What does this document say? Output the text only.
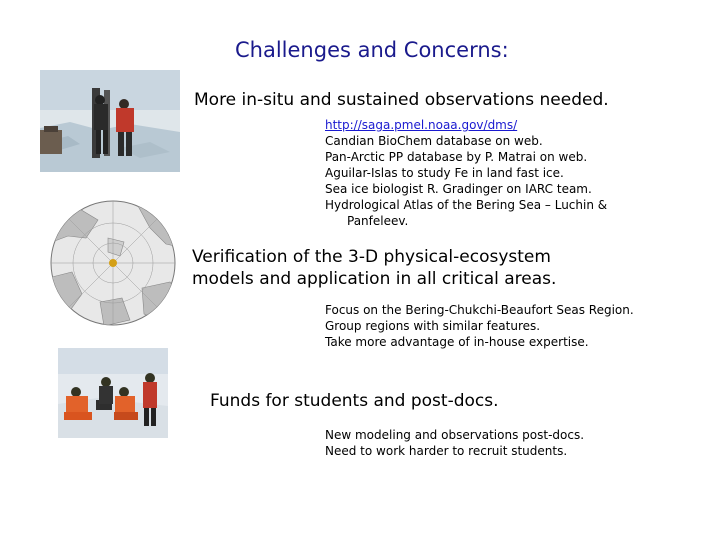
Challenges and Concerns:
More in-situ and sustained observations needed.
http://saga.pmel.noaa.gov/dms/
Candian BioChem database on web.
Pan-Arctic PP database by P. Matrai on web.
Aguilar-Islas to study Fe in land fast ice.
Sea ice biologist R. Gradinger on IARC team.
Hydrological Atlas of the Bering Sea – Luchin &
Panfeleev.
Verification of the 3-D physical-ecosystem
models and application in all critical areas.
Focus on the Bering-Chukchi-Beaufort Seas Region.
Group regions with similar features.
Take more advantage of in-house expertise.
Funds for students and post-docs.
New modeling and observations post-docs.
Need to work harder to recruit students.
